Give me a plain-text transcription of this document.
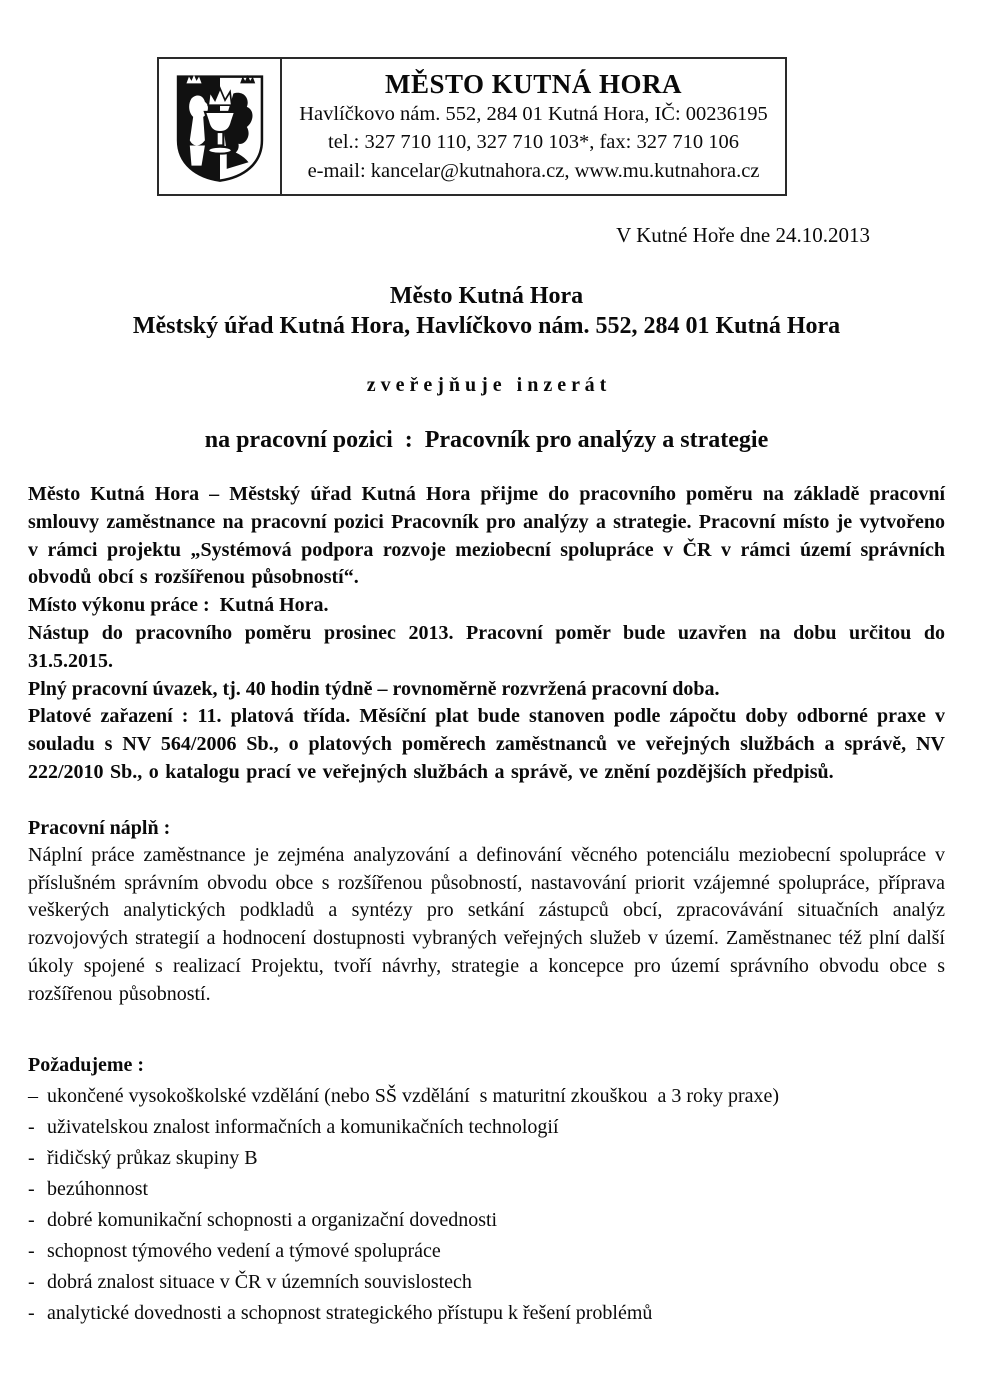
MĚSTO KUTNÁ HORA
Havlíčkovo nám. 552, 284 01 Kutná Hora, IČ: 00236195
tel.: 327 710 110, 327 710 103*, fax: 327 710 106
e-mail: kancelar@kutnahora.cz, www.mu.kutnahora.cz
V Kutné Hoře dne 24.10.2013
Město Kutná Hora
Městský úřad Kutná Hora, Havlíčkovo nám. 552, 284 01 Kutná Hora
z v e ř e j ň u j e   i n z e r á t
na pracovní pozici  :  Pracovník pro analýzy a strategie

Město Kutná Hora – Městský úřad Kutná Hora přijme do pracovního poměru na základě pracovní smlouvy zaměstnance na pracovní pozici Pracovník pro analýzy a strategie. Pracovní místo je vytvořeno v rámci projektu „Systémová podpora rozvoje meziobecní spolupráce v ČR v rámci území správních obvodů obcí s rozšířenou působností“.

Místo výkonu práce :  Kutná Hora.

Nástup do pracovního poměru prosinec 2013. Pracovní poměr bude uzavřen na dobu určitou do 31.5.2015.

Plný pracovní úvazek, tj. 40 hodin týdně – rovnoměrně rozvržená pracovní doba.

Platové zařazení : 11. platová třída. Měsíční plat bude stanoven podle zápočtu doby odborné praxe v souladu s NV 564/2006 Sb., o platových poměrech zaměstnanců ve veřejných službách a správě, NV 222/2010 Sb., o katalogu prací ve veřejných službách a správě, ve znění pozdějších předpisů.

Pracovní náplň :

Náplní práce zaměstnance je zejména analyzování a definování věcného potenciálu meziobecní spolupráce v příslušném správním obvodu obce s rozšířenou působností, nastavování priorit vzájemné spolupráce, příprava veškerých analytických podkladů a syntézy pro setkání zástupců obcí, zpracovávání situačních analýz rozvojových strategií a hodnocení dostupnosti vybraných veřejných služeb v území. Zaměstnanec též plní další úkoly spojené s realizací Projektu, tvoří návrhy, strategie a koncepce pro území správního obvodu obce s rozšířenou působností.

Požadujeme :
– ukončené vysokoškolské vzdělání (nebo SŠ vzdělání  s maturitní zkouškou  a 3 roky praxe)
- uživatelskou znalost informačních a komunikačních technologií
- řidičský průkaz skupiny B
- bezúhonnost
- dobré komunikační schopnosti a organizační dovednosti
- schopnost týmového vedení a týmové spolupráce
- dobrá znalost situace v ČR v územních souvislostech
- analytické dovednosti a schopnost strategického přístupu k řešení problémů
